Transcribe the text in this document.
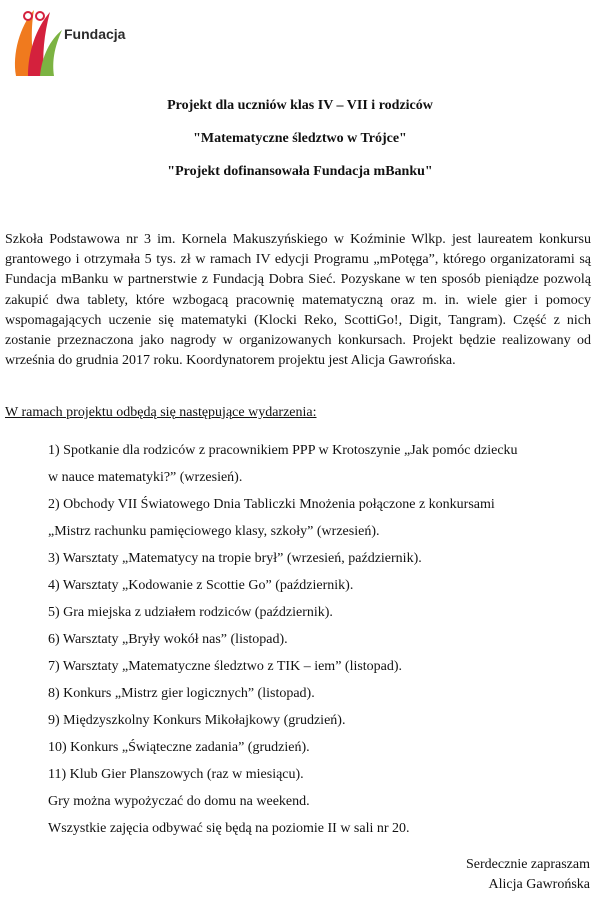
Fundacja
Projekt dla uczniów klas IV – VII i rodziców
"Matematyczne śledztwo w Trójce"
"Projekt dofinansowała Fundacja mBanku"
Szkoła Podstawowa nr 3 im. Kornela Makuszyńskiego w Koźminie Wlkp. jest laureatem konkursu grantowego i otrzymała 5 tys. zł w ramach IV edycji Programu „mPotęga”, którego organizatorami są Fundacja mBanku w partnerstwie z Fundacją Dobra Sieć. Pozyskane w ten sposób pieniądze pozwolą zakupić dwa tablety, które wzbogacą pracownię matematyczną oraz m. in. wiele gier i pomocy wspomagających uczenie się matematyki (Klocki Reko, ScottiGo!, Digit, Tangram). Część z nich zostanie przeznaczona jako nagrody w organizowanych konkursach. Projekt będzie realizowany od września do grudnia 2017 roku. Koordynatorem projektu jest Alicja Gawrońska.
W ramach projektu odbędą się następujące wydarzenia:
1) Spotkanie dla rodziców z pracownikiem PPP w Krotoszynie „Jak pomóc dziecku
w nauce matematyki?” (wrzesień).
2) Obchody VII Światowego Dnia Tabliczki Mnożenia połączone z konkursami
„Mistrz rachunku pamięciowego klasy, szkoły” (wrzesień).
3) Warsztaty „Matematycy na tropie brył” (wrzesień, październik).
4) Warsztaty „Kodowanie z Scottie Go” (październik).
5) Gra miejska z udziałem rodziców (październik).
6) Warsztaty „Bryły wokół nas” (listopad).
7) Warsztaty „Matematyczne śledztwo z TIK – iem” (listopad).
8) Konkurs „Mistrz gier logicznych” (listopad).
9) Międzyszkolny Konkurs Mikołajkowy (grudzień).
10) Konkurs „Świąteczne zadania” (grudzień).
11) Klub Gier Planszowych (raz w miesiącu).
Gry można wypożyczać do domu na weekend.
Wszystkie zajęcia odbywać się będą na poziomie II w sali nr 20.
Serdecznie zapraszam
Alicja Gawrońska
